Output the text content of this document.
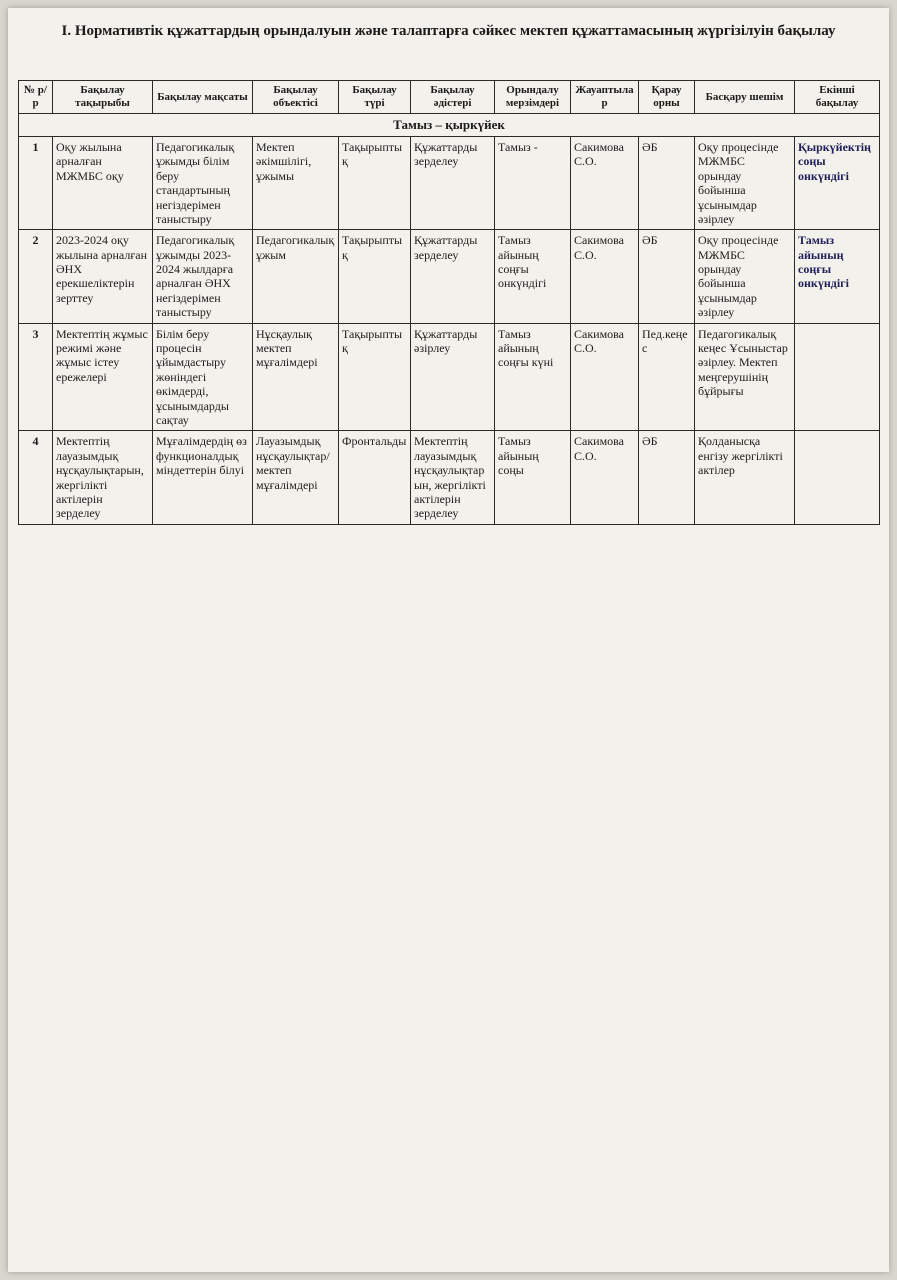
І. Нормативтік құжаттардың орындалуын және талаптарға сәйкес мектеп құжаттамасының жүргізілуін бақылау
№ р/р	Бақылау тақырыбы	Бақылау мақсаты	Бақылау объектісі	Бақылау түрі	Бақылау әдістері	Орындалу мерзімдері	Жауаптылар	Қарау орны	Басқару шешім	Екінші бақылау
Тамыз – қыркүйек										
1	Оқу жылына арналған МЖМБС оқу	Педагогикалық ұжымды білім беру стандартының негіздерімен таныстыру	Мектеп әкімшілігі, ұжымы	Тақырыптық	Құжаттарды зерделеу	Тамыз -	Сакимова С.О.	ӘБ	Оқу процесінде МЖМБС орындау бойынша ұсынымдар әзірлеу	Қыркүйектің соңы онкүндігі
2	2023-2024 оқу жылына арналған ӘНХ ерекшеліктерін зерттеу	Педагогикалық ұжымды 2023-2024 жылдарға арналған ӘНХ негіздерімен таныстыру	Педагогикалық ұжым	Тақырыптық	Құжаттарды зерделеу	Тамыз айының соңғы онкүндігі	Сакимова С.О.	ӘБ	Оқу процесінде МЖМБС орындау бойынша ұсынымдар әзірлеу	Тамыз айының соңғы онкүндігі
3	Мектептің жұмыс режимі және жұмыс істеу ережелері	Білім беру процесін ұйымдастыру жөніндегі өкімдерді, ұсынымдарды сақтау	Нұсқаулық мектеп мұғалімдері	Тақырыптық	Құжаттарды әзірлеу	Тамыз айының соңғы күні	Сакимова С.О.	Пед.кеңес	Педагогикалық кеңес Ұсыныстар әзірлеу. Мектеп меңгерушінің бұйрығы	
4	Мектептің лауазымдық нұсқаулықтарын, жергілікті актілерін зерделеу	Мұғалімдердің өз функционалдық міндеттерін білуі	Лауазымдық нұсқаулықтар/мектеп мұғалімдері	Фронтальды	Мектептің лауазымдық нұсқаулықтарын, жергілікті актілерін зерделеу	Тамыз айының соңы	Сакимова С.О.	ӘБ	Қолданысқа енгізу жергілікті актілер	
